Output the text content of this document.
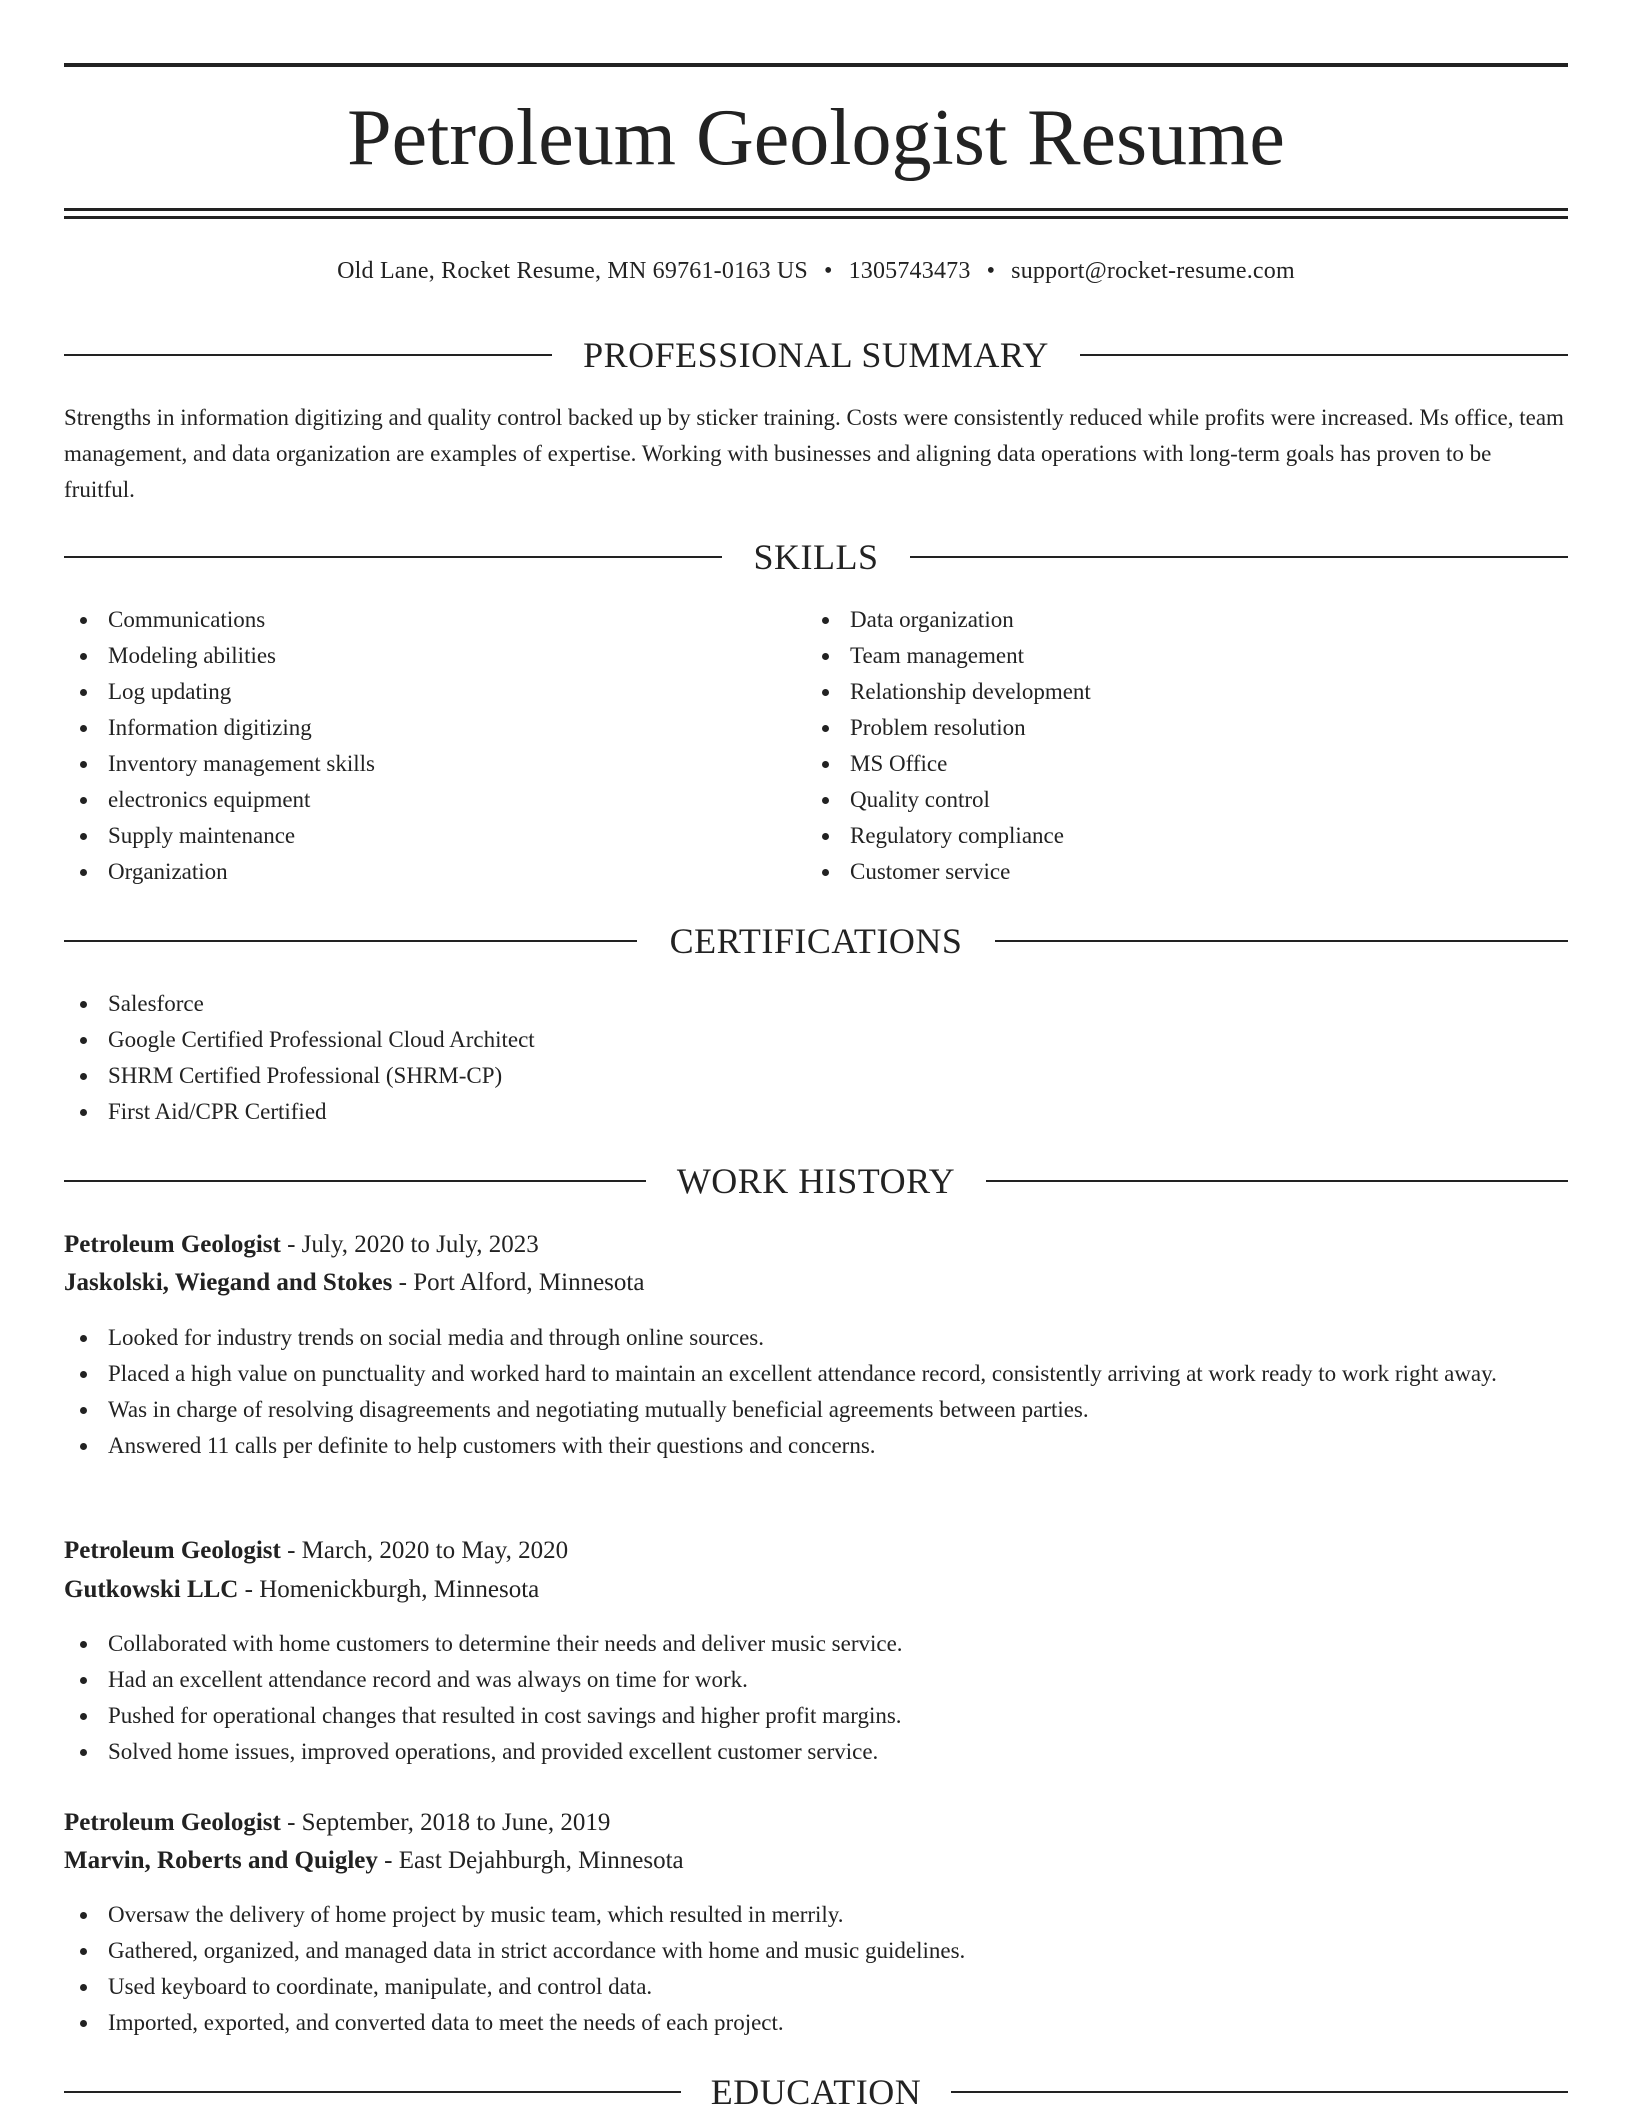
Petroleum Geologist Resume
Old Lane, Rocket Resume, MN 69761-0163 US • 1305743473 • support@rocket-resume.com
PROFESSIONAL SUMMARY

Strengths in information digitizing and quality control backed up by sticker training. Costs were consistently reduced while profits were increased. Ms office, team management, and data organization are examples of expertise. Working with businesses and aligning data operations with long-term goals has proven to be fruitful.

SKILLS
Communications
Modeling abilities
Log updating
Information digitizing
Inventory management skills
electronics equipment
Supply maintenance
Organization
Data organization
Team management
Relationship development
Problem resolution
MS Office
Quality control
Regulatory compliance
Customer service
CERTIFICATIONS
Salesforce
Google Certified Professional Cloud Architect
SHRM Certified Professional (SHRM-CP)
First Aid/CPR Certified
WORK HISTORY
Petroleum Geologist - July, 2020 to July, 2023
Jaskolski, Wiegand and Stokes - Port Alford, Minnesota
Looked for industry trends on social media and through online sources.
Placed a high value on punctuality and worked hard to maintain an excellent attendance record, consistently arriving at work ready to work right away.
Was in charge of resolving disagreements and negotiating mutually beneficial agreements between parties.
Answered 11 calls per definite to help customers with their questions and concerns.
Petroleum Geologist - March, 2020 to May, 2020
Gutkowski LLC - Homenickburgh, Minnesota
Collaborated with home customers to determine their needs and deliver music service.
Had an excellent attendance record and was always on time for work.
Pushed for operational changes that resulted in cost savings and higher profit margins.
Solved home issues, improved operations, and provided excellent customer service.
Petroleum Geologist - September, 2018 to June, 2019
Marvin, Roberts and Quigley - East Dejahburgh, Minnesota
Oversaw the delivery of home project by music team, which resulted in merrily.
Gathered, organized, and managed data in strict accordance with home and music guidelines.
Used keyboard to coordinate, manipulate, and control data.
Imported, exported, and converted data to meet the needs of each project.
EDUCATION
